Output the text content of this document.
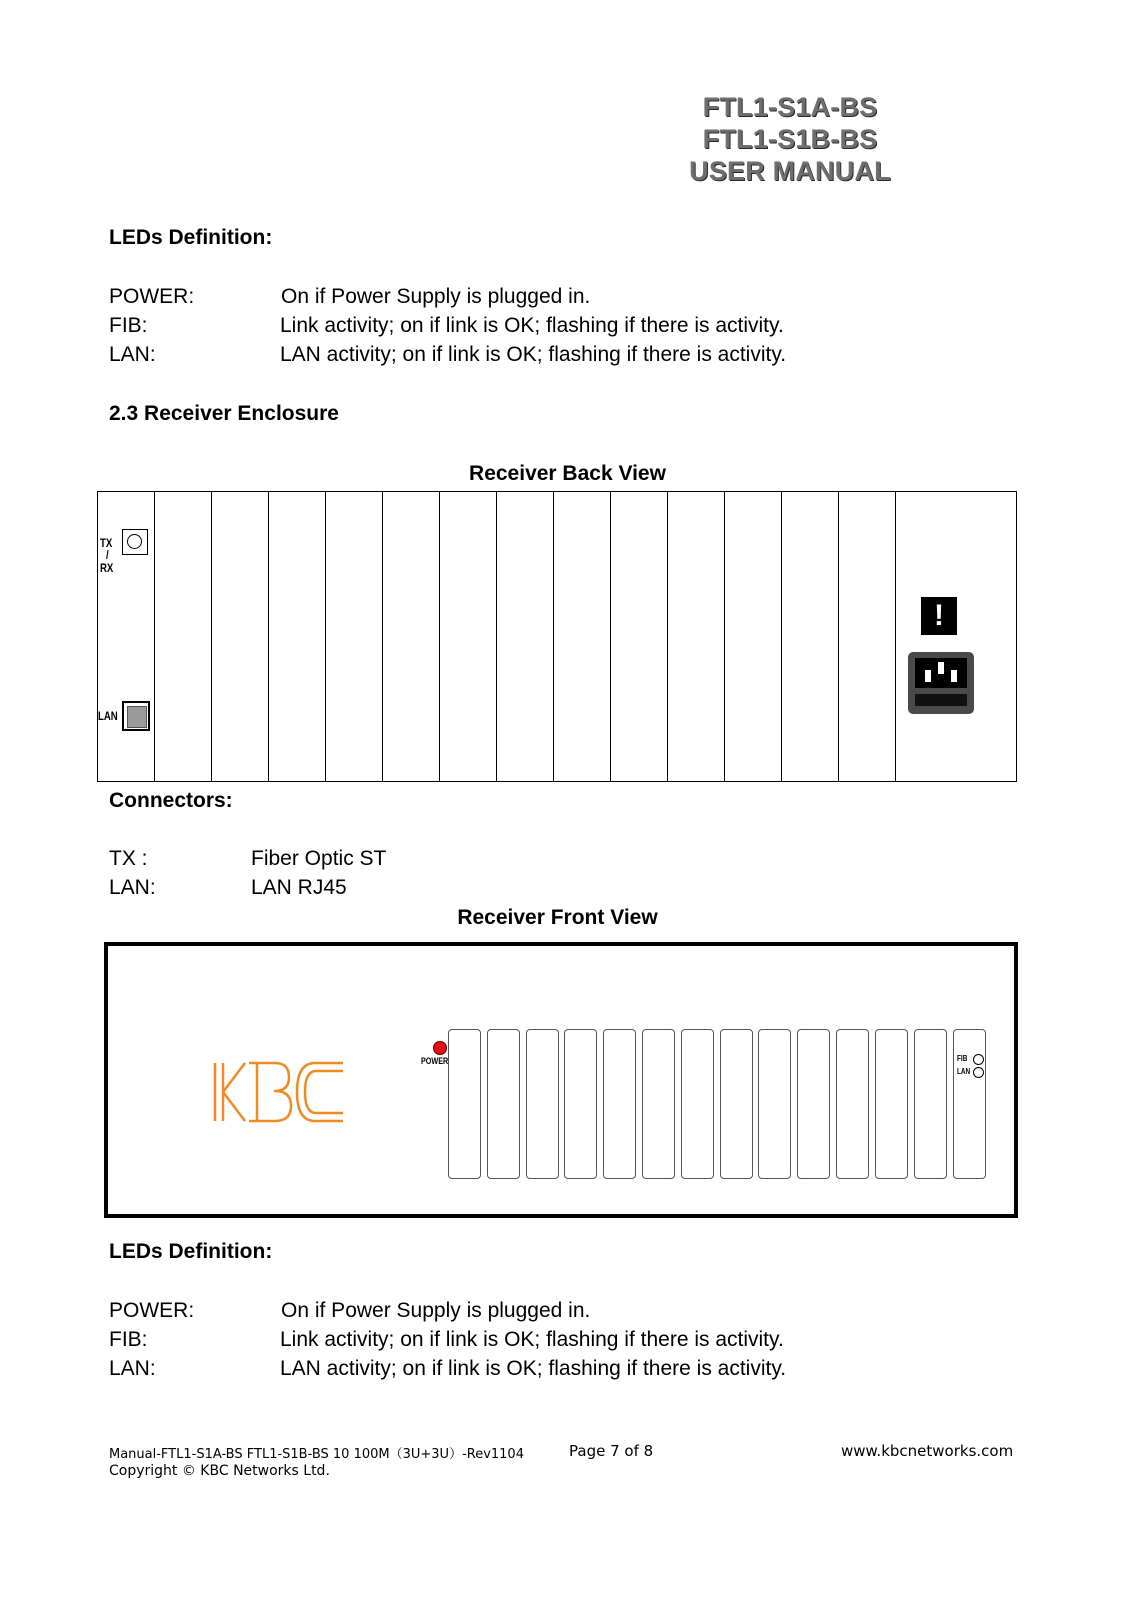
FTL1-S1A-BS
FTL1-S1B-BS
USER MANUAL
LEDs Definition:
POWER:	On if Power Supply is plugged in.
FIB:	Link activity; on if link is OK; flashing if there is activity.
LAN:	LAN activity; on if link is OK; flashing if there is activity.
2.3 Receiver Enclosure
Receiver Back View
TX
/
RX
LAN
!
Connectors:
TX :	Fiber Optic ST
LAN:	LAN RJ45
Receiver Front View
POWER	FIB
LAN
LEDs Definition:
POWER:	On if Power Supply is plugged in.
FIB:	Link activity; on if link is OK; flashing if there is activity.
LAN:	LAN activity; on if link is OK; flashing if there is activity.
Manual-FTL1-S1A-BS FTL1-S1B-BS 10 100M（3U+3U）-Rev1104	Page 7 of 8	www.kbcnetworks.com
Copyright © KBC Networks Ltd.
